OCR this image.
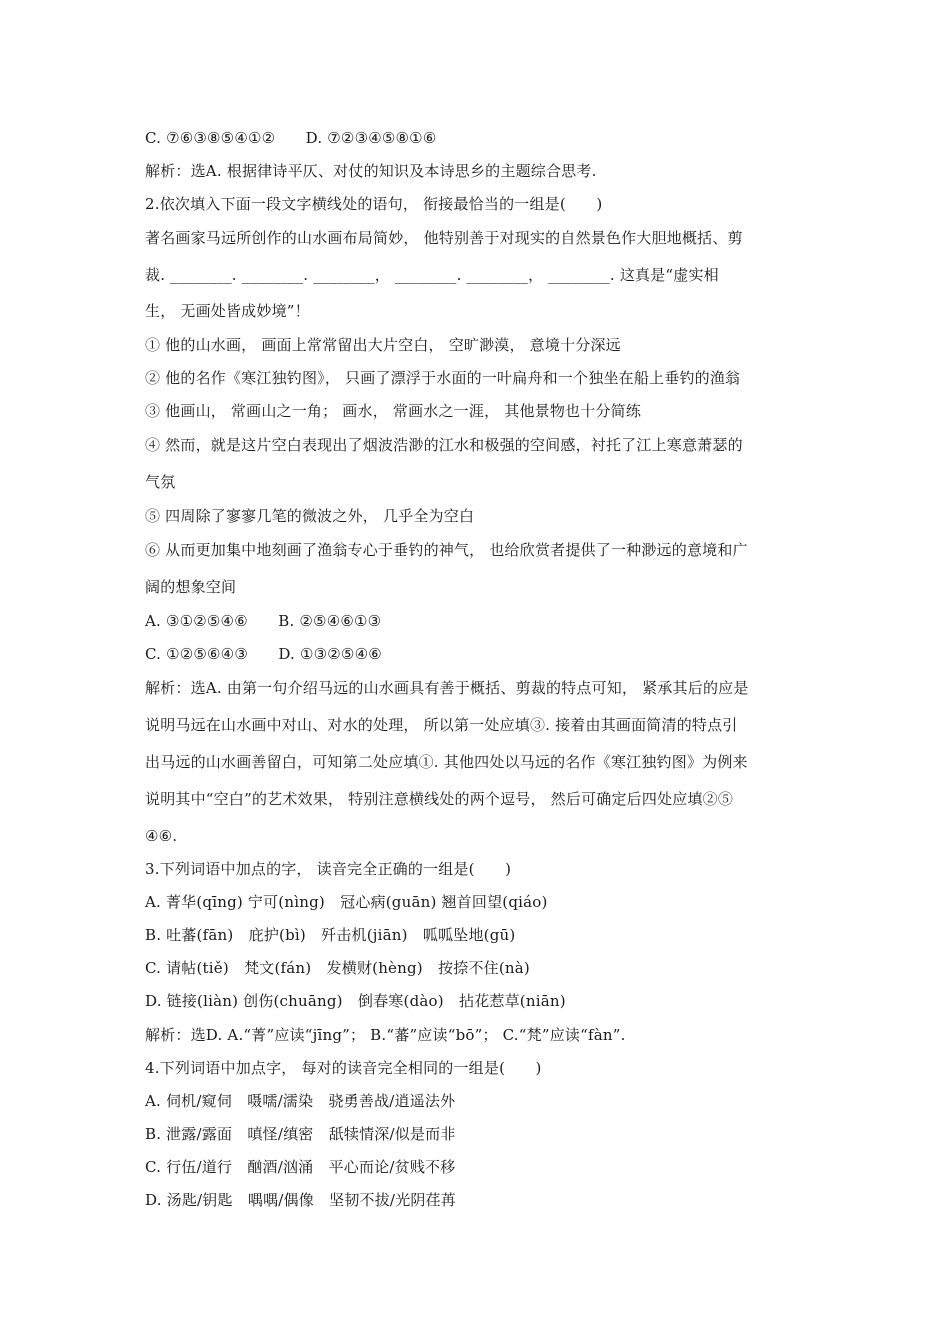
C. ⑦⑥③⑧⑤④①②　　D. ⑦②③④⑤⑧①⑥
解析：选A. 根据律诗平仄、对仗的知识及本诗思乡的主题综合思考.
2.依次填入下面一段文字横线处的语句， 衔接最恰当的一组是(　　)
著名画家马远所创作的山水画布局简妙， 他特别善于对现实的自然景色作大胆地概括、剪
裁. ________. ________. ________， ________. ________， ________. 这真是“虚实相
生， 无画处皆成妙境”！
① 他的山水画， 画面上常常留出大片空白， 空旷渺漠， 意境十分深远
② 他的名作《寒江独钓图》， 只画了漂浮于水面的一叶扁舟和一个独坐在船上垂钓的渔翁
③ 他画山， 常画山之一角； 画水， 常画水之一涯， 其他景物也十分简练
④ 然而，就是这片空白表现出了烟波浩渺的江水和极强的空间感，衬托了江上寒意萧瑟的
气氛
⑤ 四周除了寥寥几笔的微波之外， 几乎全为空白
⑥ 从而更加集中地刻画了渔翁专心于垂钓的神气， 也给欣赏者提供了一种渺远的意境和广
阔的想象空间
A. ③①②⑤④⑥　　B. ②⑤④⑥①③
C. ①②⑤⑥④③　　D. ①③②⑤④⑥
解析：选A. 由第一句介绍马远的山水画具有善于概括、剪裁的特点可知， 紧承其后的应是
说明马远在山水画中对山、对水的处理， 所以第一处应填③. 接着由其画面简清的特点引
出马远的山水画善留白，可知第二处应填①. 其他四处以马远的名作《寒江独钓图》为例来
说明其中“空白”的艺术效果， 特别注意横线处的两个逗号， 然后可确定后四处应填②⑤
④⑥.
3.下列词语中加点的字， 读音完全正确的一组是(　　)
A. 菁华(qīng) 宁可(nìng)　冠心病(guān) 翘首回望(qiáo)
B. 吐蕃(fān)　庇护(bì)　歼击机(jiān)　呱呱坠地(gū)
C. 请帖(tiě)　梵文(fán)　发横财(hèng)　按捺不住(nà)
D. 链接(liàn) 创伤(chuāng)　倒春寒(dào)　拈花惹草(niān)
解析：选D. A.“菁”应读“jīng”； B.“蕃”应读“bō”； C.“梵”应读“fàn”.
4.下列词语中加点字， 每对的读音完全相同的一组是(　　)
A. 伺机/窥伺　嗫嚅/濡染　骁勇善战/逍遥法外
B. 泄露/露面　嗔怪/缜密　舐犊情深/似是而非
C. 行伍/道行　酗酒/汹涌　平心而论/贫贱不移
D. 汤匙/钥匙　喁喁/偶像　坚韧不拔/光阴荏苒
